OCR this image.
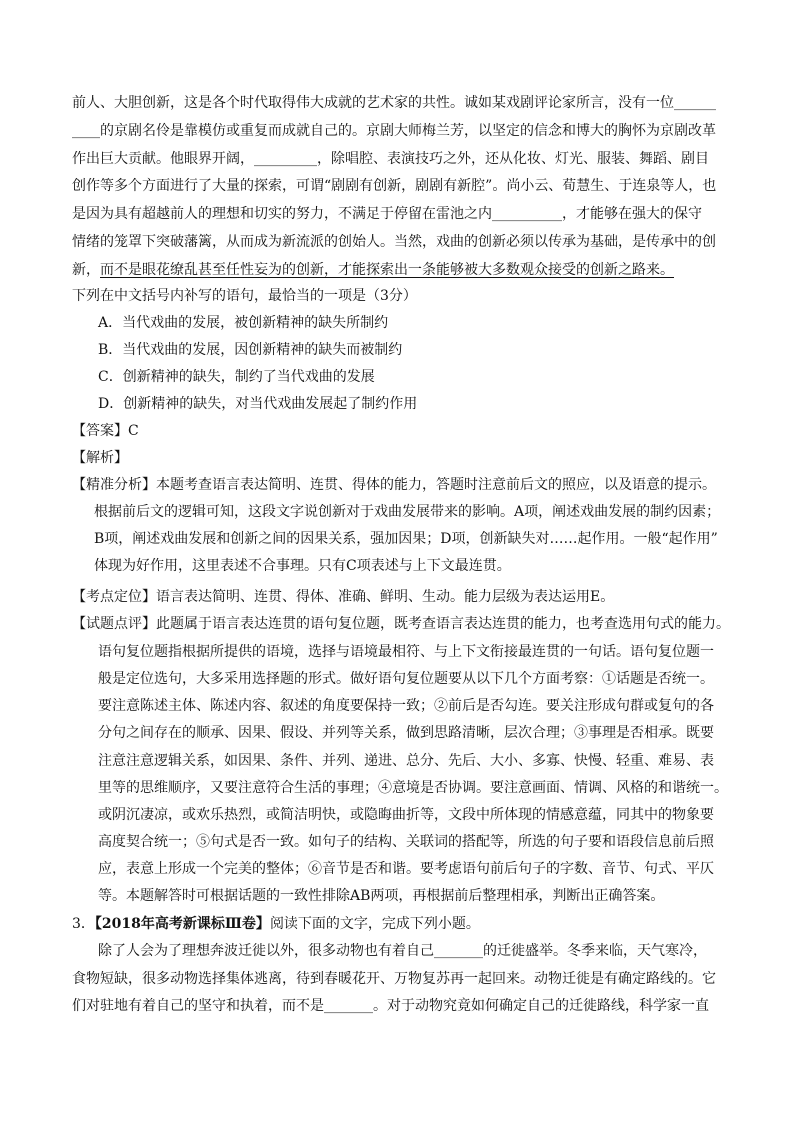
前人、大胆创新，这是各个时代取得伟大成就的艺术家的共性。诚如某戏剧评论家所言，没有一位______
____的京剧名伶是靠模仿或重复而成就自己的。京剧大师梅兰芳，以坚定的信念和博大的胸怀为京剧改革
作出巨大贡献。他眼界开阔，_________，除唱腔、表演技巧之外，还从化妆、灯光、服装、舞蹈、剧目
创作等多个方面进行了大量的探索，可谓“剧剧有创新，剧剧有新腔”。尚小云、荀慧生、于连泉等人，也
是因为具有超越前人的理想和切实的努力，不满足于停留在雷池之内__________，才能够在强大的保守
情绪的笼罩下突破藩篱，从而成为新流派的创始人。当然，戏曲的创新必须以传承为基础，是传承中的创
新，而不是眼花缭乱甚至任性妄为的创新，才能探索出一条能够被大多数观众接受的创新之路来。
下列在中文括号内补写的语句，最恰当的一项是（3分）
A．当代戏曲的发展，被创新精神的缺失所制约
B．当代戏曲的发展，因创新精神的缺失而被制约
C．创新精神的缺失，制约了当代戏曲的发展
D．创新精神的缺失，对当代戏曲发展起了制约作用
【答案】C
【解析】
【精准分析】本题考查语言表达简明、连贯、得体的能力，答题时注意前后文的照应，以及语意的提示。
根据前后文的逻辑可知，这段文字说创新对于戏曲发展带来的影响。A项，阐述戏曲发展的制约因素；
B项，阐述戏曲发展和创新之间的因果关系，强加因果；D项，创新缺失对……起作用。一般“起作用”
体现为好作用，这里表述不合事理。只有C项表述与上下文最连贯。
【考点定位】语言表达简明、连贯、得体、准确、鲜明、生动。能力层级为表达运用E。
【试题点评】此题属于语言表达连贯的语句复位题，既考查语言表达连贯的能力，也考查选用句式的能力。
语句复位题指根据所提供的语境，选择与语境最相符、与上下文衔接最连贯的一句话。语句复位题一
般是定位选句，大多采用选择题的形式。做好语句复位题要从以下几个方面考察：①话题是否统一。
要注意陈述主体、陈述内容、叙述的角度要保持一致；②前后是否勾连。要关注形成句群或复句的各
分句之间存在的顺承、因果、假设、并列等关系，做到思路清晰，层次合理；③事理是否相承。既要
注意注意逻辑关系，如因果、条件、并列、递进、总分、先后、大小、多寡、快慢、轻重、难易、表
里等的思维顺序，又要注意符合生活的事理；④意境是否协调。要注意画面、情调、风格的和谐统一。
或阴沉凄凉，或欢乐热烈，或简洁明快，或隐晦曲折等，文段中所体现的情感意蕴，同其中的物象要
高度契合统一；⑤句式是否一致。如句子的结构、关联词的搭配等，所选的句子要和语段信息前后照
应，表意上形成一个完美的整体；⑥音节是否和谐。要考虑语句前后句子的字数、音节、句式、平仄
等。本题解答时可根据话题的一致性排除AB两项，再根据前后整理相承，判断出正确答案。
3．【2018年高考新课标Ⅲ卷】阅读下面的文字，完成下列小题。
除了人会为了理想奔波迁徙以外，很多动物也有着自己_______的迁徙盛举。冬季来临，天气寒冷，
食物短缺，很多动物选择集体逃离，待到春暖花开、万物复苏再一起回来。动物迁徙是有确定路线的。它
们对驻地有着自己的坚守和执着，而不是_______。对于动物究竟如何确定自己的迁徙路线，科学家一直
